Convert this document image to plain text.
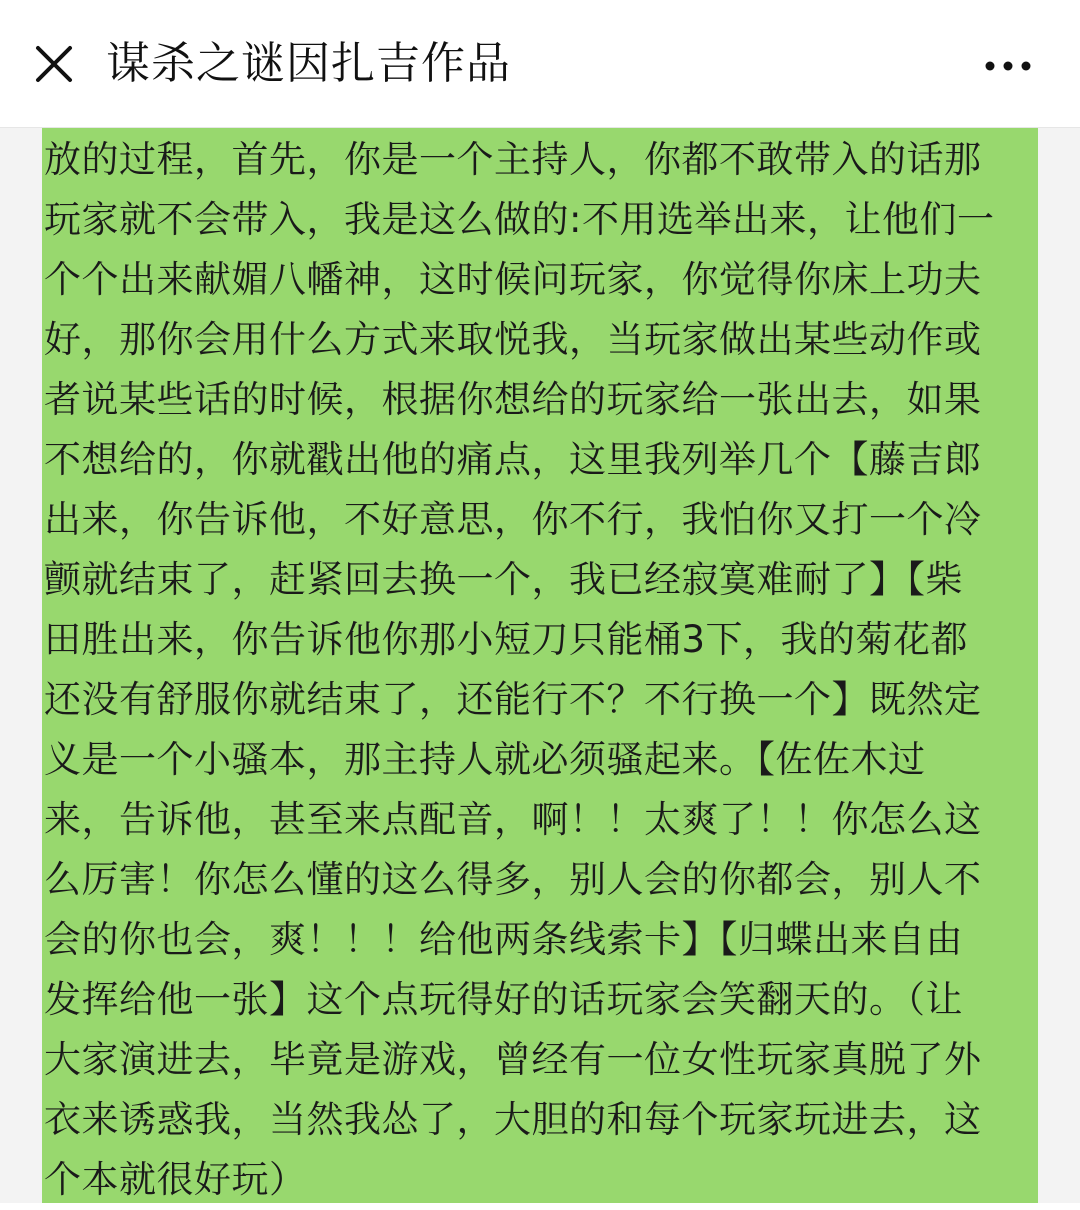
谋杀之谜因扎吉作品
放的过程，首先，你是一个主持人，你都不敢带入的话那
玩家就不会带入，我是这么做的:不用选举出来，让他们一
个个出来献媚八幡神，这时候问玩家，你觉得你床上功夫
好，那你会用什么方式来取悦我，当玩家做出某些动作或
者说某些话的时候，根据你想给的玩家给一张出去，如果
不想给的，你就戳出他的痛点，这里我列举几个【藤吉郎
出来，你告诉他，不好意思，你不行，我怕你又打一个冷
颤就结束了，赶紧回去换一个，我已经寂寞难耐了】【柴
田胜出来，你告诉他你那小短刀只能桶3下，我的菊花都
还没有舒服你就结束了，还能行不？不行换一个】既然定
义是一个小骚本，那主持人就必须骚起来。【佐佐木过
来，告诉他，甚至来点配音，啊！！太爽了！！你怎么这
么厉害！你怎么懂的这么得多，别人会的你都会，别人不
会的你也会，爽！！！给他两条线索卡】【归蝶出来自由
发挥给他一张】这个点玩得好的话玩家会笑翻天的。（让
大家演进去，毕竟是游戏，曾经有一位女性玩家真脱了外
衣来诱惑我，当然我怂了，大胆的和每个玩家玩进去，这
个本就很好玩）
